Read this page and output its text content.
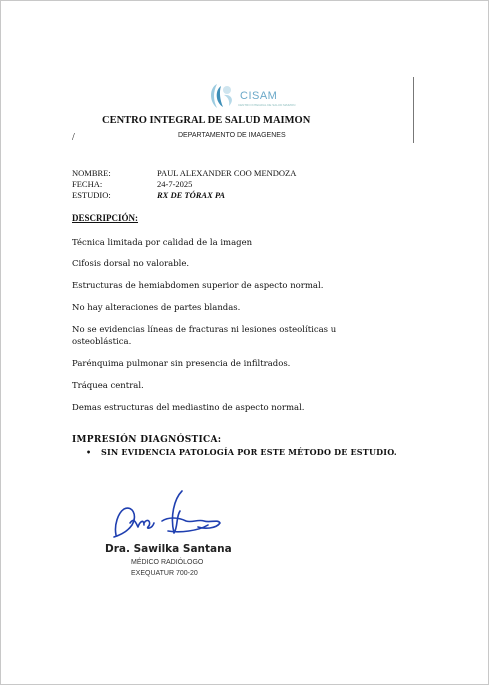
CISAM
CENTRO INTEGRAL DE SALUD MAIMON
CENTRO INTEGRAL DE SALUD MAIMON
/	DEPARTAMENTO DE IMAGENES
NOMBRE:	PAUL ALEXANDER COO MENDOZA
FECHA:	24-7-2025
ESTUDIO:	RX DE TÓRAX PA
DESCRIPCIÓN:
Técnica limitada por calidad de la imagen
Cifosis dorsal no valorable.
Estructuras de hemiabdomen superior de aspecto normal.
No hay alteraciones de partes blandas.
No se evidencias líneas de fracturas ni lesiones osteolíticas u osteoblástica.
Parénquima pulmonar sin presencia de infiltrados.
Tráquea central.
Demas estructuras del mediastino de aspecto normal.
IMPRESIÓN DIAGNÓSTICA:
• SIN EVIDENCIA PATOLOGÍA POR ESTE MÉTODO DE ESTUDIO.
Dra. Sawilka Santana
MÉDICO RADIÓLOGO
EXEQUATUR 700-20
